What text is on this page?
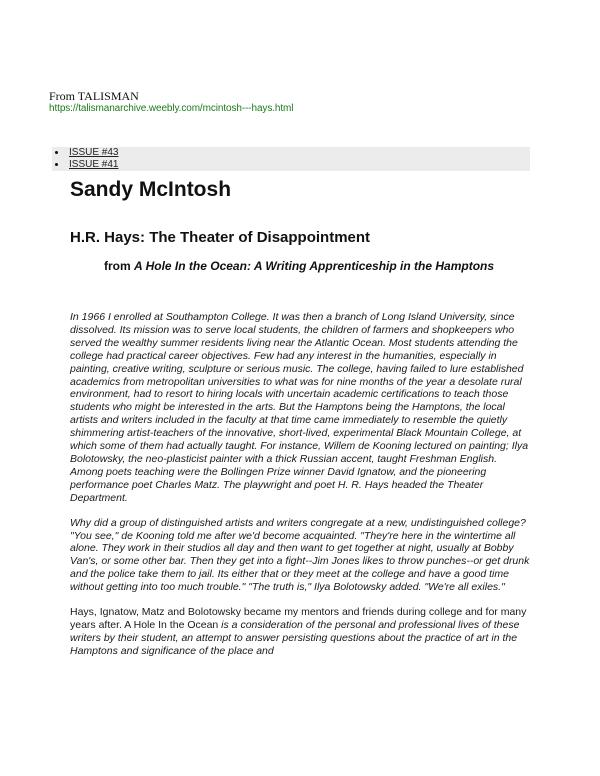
From TALISMAN
https://talismanarchive.weebly.com/mcintosh---hays.html
ISSUE #43
ISSUE #41
Sandy McIntosh
H.R. Hays: The Theater of Disappointment
from A Hole In the Ocean: A Writing Apprenticeship in the Hamptons

In 1966 I enrolled at Southampton College. It was then a branch of Long Island University, since dissolved. Its mission was to serve local students, the children of farmers and shopkeepers who served the wealthy summer residents living near the Atlantic Ocean. Most students attending the college had practical career objectives. Few had any interest in the humanities, especially in painting, creative writing, sculpture or serious music. The college, having failed to lure established academics from metropolitan universities to what was for nine months of the year a desolate rural environment, had to resort to hiring locals with uncertain academic certifications to teach those students who might be interested in the arts. But the Hamptons being the Hamptons, the local artists and writers included in the faculty at that time came immediately to resemble the quietly shimmering artist-teachers of the innovative, short-lived, experimental Black Mountain College, at which some of them had actually taught. For instance, Willem de Kooning lectured on painting; Ilya Bolotowsky, the neo-plasticist painter with a thick Russian accent, taught Freshman English. Among poets teaching were the Bollingen Prize winner David Ignatow, and the pioneering performance poet Charles Matz. The playwright and poet H. R. Hays headed the Theater Department.

Why did a group of distinguished artists and writers congregate at a new, undistinguished college? "You see," de Kooning told me after we'd become acquainted. "They're here in the wintertime all alone. They work in their studios all day and then want to get together at night, usually at Bobby Van's, or some other bar. Then they get into a fight--Jim Jones likes to throw punches--or get drunk and the police take them to jail. Its either that or they meet at the college and have a good time without getting into too much trouble." "The truth is," Ilya Bolotowsky added. "We're all exiles."

Hays, Ignatow, Matz and Bolotowsky became my mentors and friends during college and for many years after. A Hole In the Ocean is a consideration of the personal and professional lives of these writers by their student, an attempt to answer persisting questions about the practice of art in the Hamptons and significance of the place and
